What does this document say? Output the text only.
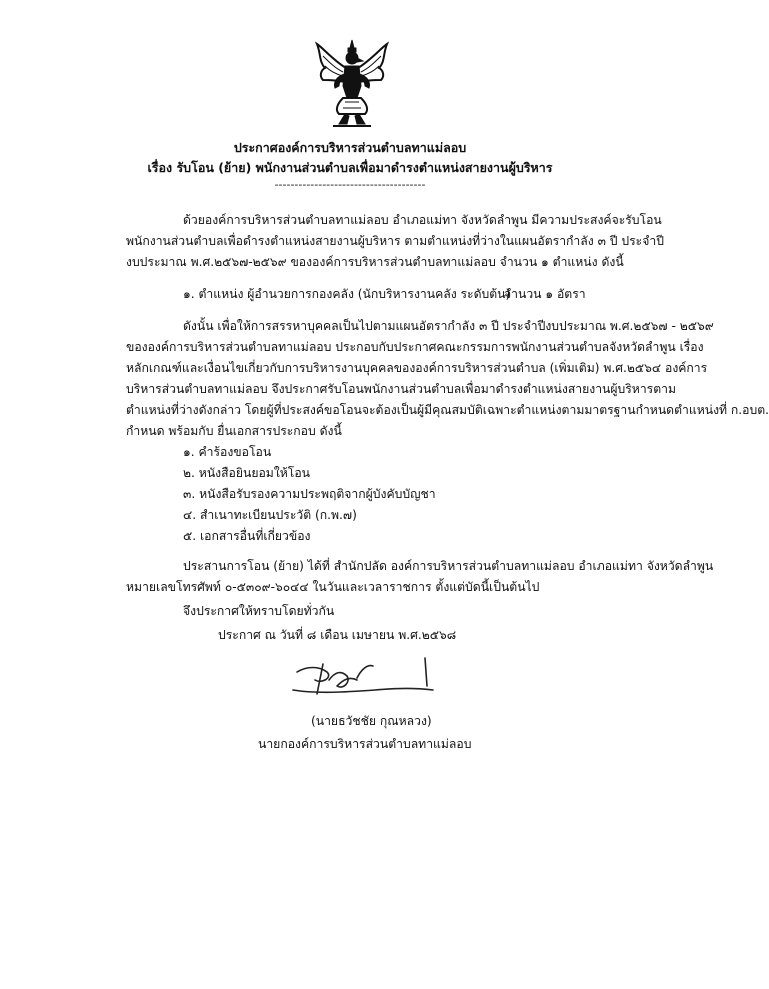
ประกาศองค์การบริหารส่วนตำบลทาแม่ลอบ
เรื่อง รับโอน (ย้าย) พนักงานส่วนตำบลเพื่อมาดำรงตำแหน่งสายงานผู้บริหาร
--------------------------------------
ด้วยองค์การบริหารส่วนตำบลทาแม่ลอบ อำเภอแม่ทา จังหวัดลำพูน มีความประสงค์จะรับโอน
พนักงานส่วนตำบลเพื่อดำรงตำแหน่งสายงานผู้บริหาร ตามตำแหน่งที่ว่างในแผนอัตรากำลัง ๓ ปี ประจำปี
งบประมาณ พ.ศ.๒๕๖๗-๒๕๖๙ ขององค์การบริหารส่วนตำบลทาแม่ลอบ จำนวน ๑ ตำแหน่ง ดังนี้
๑. ตำแหน่ง ผู้อำนวยการกองคลัง (นักบริหารงานคลัง ระดับต้น)
จำนวน ๑ อัตรา
ดังนั้น เพื่อให้การสรรหาบุคคลเป็นไปตามแผนอัตรากำลัง ๓ ปี ประจำปีงบประมาณ พ.ศ.๒๕๖๗ - ๒๕๖๙
ขององค์การบริหารส่วนตำบลทาแม่ลอบ ประกอบกับประกาศคณะกรรมการพนักงานส่วนตำบลจังหวัดลำพูน เรื่อง
หลักเกณฑ์และเงื่อนไขเกี่ยวกับการบริหารงานบุคคลขององค์การบริหารส่วนตำบล (เพิ่มเติม) พ.ศ.๒๕๖๔ องค์การ
บริหารส่วนตำบลทาแม่ลอบ จึงประกาศรับโอนพนักงานส่วนตำบลเพื่อมาดำรงตำแหน่งสายงานผู้บริหารตาม
ตำแหน่งที่ว่างดังกล่าว โดยผู้ที่ประสงค์ขอโอนจะต้องเป็นผู้มีคุณสมบัติเฉพาะตำแหน่งตามมาตรฐานกำหนดตำแหน่งที่ ก.อบต.
กำหนด พร้อมกับ ยื่นเอกสารประกอบ ดังนี้
๑. คำร้องขอโอน
๒. หนังสือยินยอมให้โอน
๓. หนังสือรับรองความประพฤติจากผู้บังคับบัญชา
๔. สำเนาทะเบียนประวัติ (ก.พ.๗)
๕. เอกสารอื่นที่เกี่ยวข้อง
ประสานการโอน (ย้าย) ได้ที่ สำนักปลัด องค์การบริหารส่วนตำบลทาแม่ลอบ อำเภอแม่ทา จังหวัดลำพูน
หมายเลขโทรศัพท์ ๐-๕๓๐๙-๖๐๔๔ ในวันและเวลาราชการ ตั้งแต่บัดนี้เป็นต้นไป
จึงประกาศให้ทราบโดยทั่วกัน
ประกาศ ณ วันที่ ๘ เดือน เมษายน พ.ศ.๒๕๖๘
(นายธวัชชัย กุณหลวง)
นายกองค์การบริหารส่วนตำบลทาแม่ลอบ
